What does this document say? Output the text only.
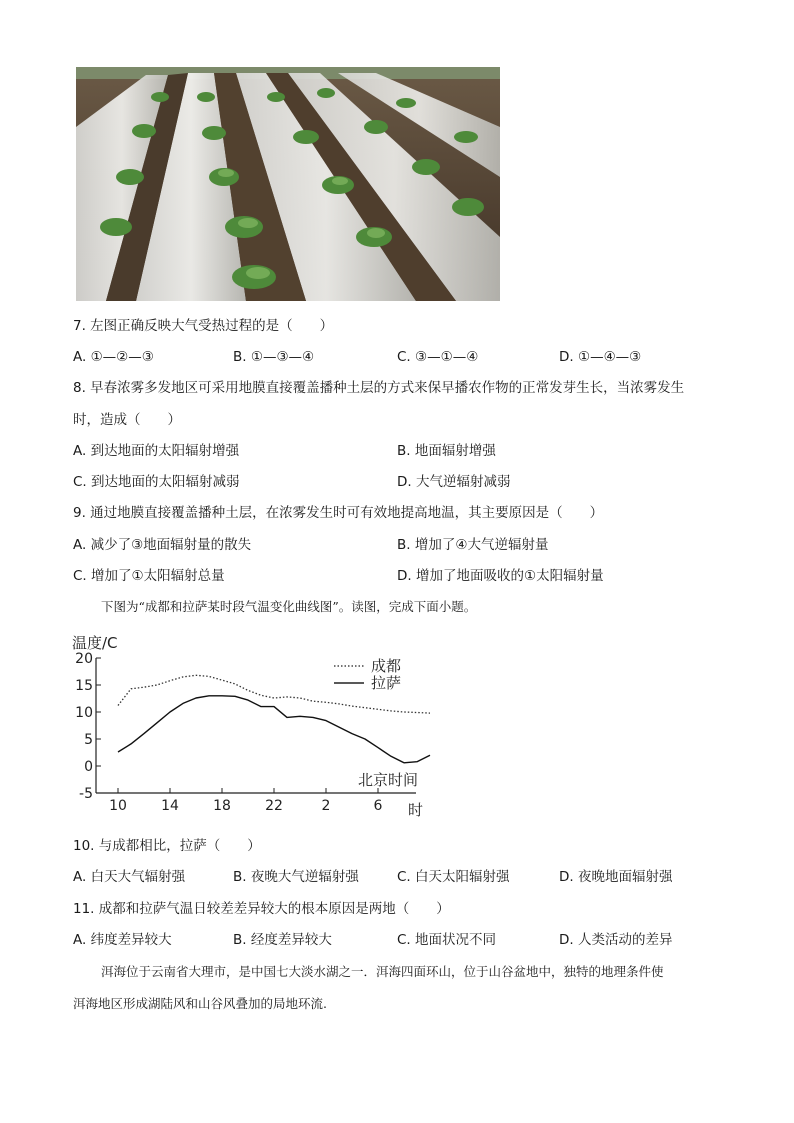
7. 左图正确反映大气受热过程的是（　　）
A. ①—②—③	B. ①—③—④	C. ③—①—④	D. ①—④—③
8. 早春浓雾多发地区可采用地膜直接覆盖播种土层的方式来保早播农作物的正常发芽生长，当浓雾发生
时，造成（　　）
A. 到达地面的太阳辐射增强	B. 地面辐射增强
C. 到达地面的太阳辐射减弱	D. 大气逆辐射减弱
9. 通过地膜直接覆盖播种土层，在浓雾发生时可有效地提高地温，其主要原因是（　　）
A. 减少了③地面辐射量的散失	B. 增加了④大气逆辐射量
C. 增加了①太阳辐射总量	D. 增加了地面吸收的①太阳辐射量
下图为“成都和拉萨某时段气温变化曲线图”。读图，完成下面小题。
温度/C
20
15
10
5
0
-5
10 14 18 22	2	6
成都
拉萨
北京时间
时
10. 与成都相比，拉萨（　　）
A. 白天大气辐射强	B. 夜晚大气逆辐射强	C. 白天太阳辐射强	D. 夜晚地面辐射强
11. 成都和拉萨气温日较差差异较大的根本原因是两地（　　）
A. 纬度差异较大	B. 经度差异较大	C. 地面状况不同	D. 人类活动的差异
洱海位于云南省大理市，是中国七大淡水湖之一．洱海四面环山，位于山谷盆地中，独特的地理条件使
洱海地区形成湖陆风和山谷风叠加的局地环流.
